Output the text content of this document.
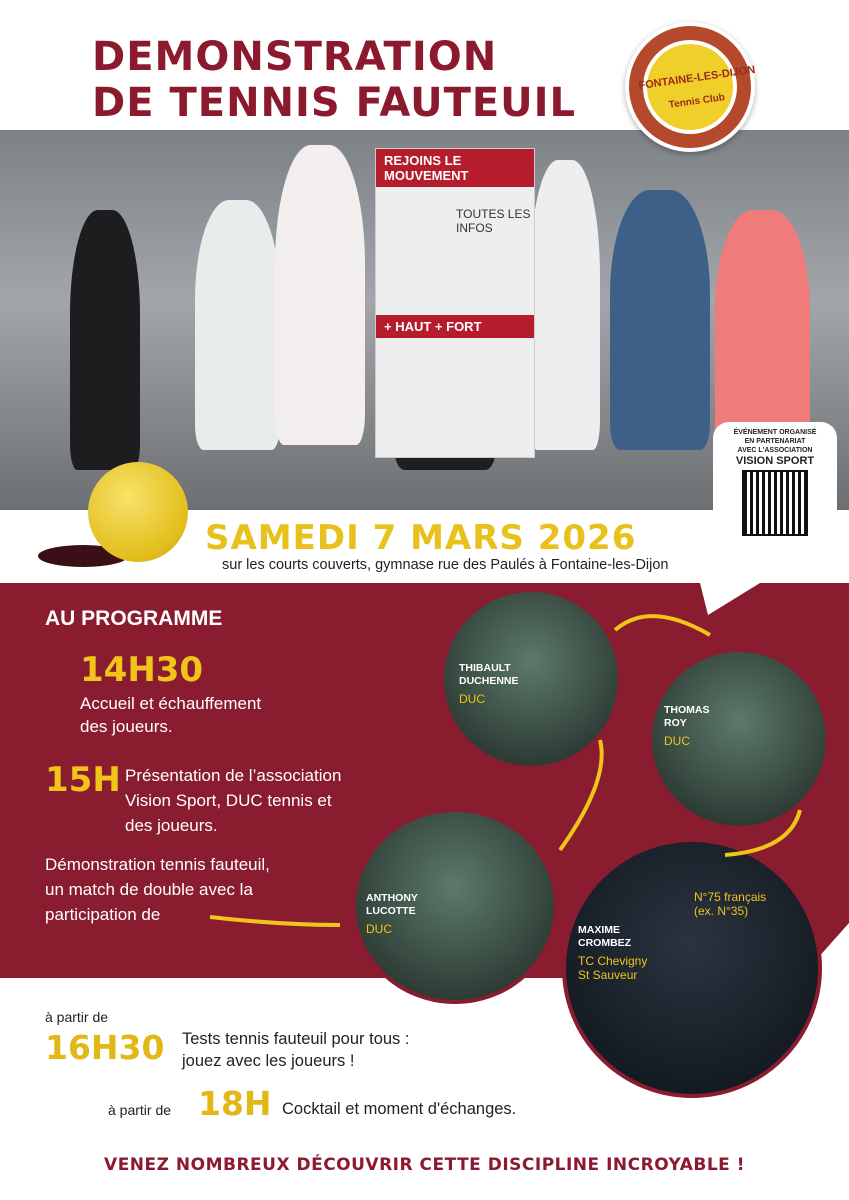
DEMONSTRATION
DE TENNIS FAUTEUIL
REJOINS LE MOUVEMENT
TOUTES LES INFOS
+ HAUT + FORT
FONTAINE-LES-DIJON
Tennis Club
ÉVÉNEMENT ORGANISÉ
EN PARTENARIAT
AVEC L'ASSOCIATION
VISION SPORT
SAMEDI 7 MARS 2026
sur les courts couverts, gymnase rue des Paulés à Fontaine-les-Dijon
AU PROGRAMME
14H30
Accueil et échauffement
des joueurs.
15H Présentation de l’association
Vision Sport, DUC tennis et
des joueurs.
Démonstration tennis fauteuil,
un match de double avec la
participation de
THIBAULT
DUCHENNE
DUC
THOMAS
ROY
DUC
ANTHONY
LUCOTTE
DUC	MAXIME
CROMBEZ
TC Chevigny
St Sauveur
N°75 français
(ex. N°35)
à partir de
16H30 Tests tennis fauteuil pour tous :
jouez avec les joueurs !
à partir de 18H Cocktail et moment d'échanges.
VENEZ NOMBREUX DÉCOUVRIR CETTE DISCIPLINE INCROYABLE !
